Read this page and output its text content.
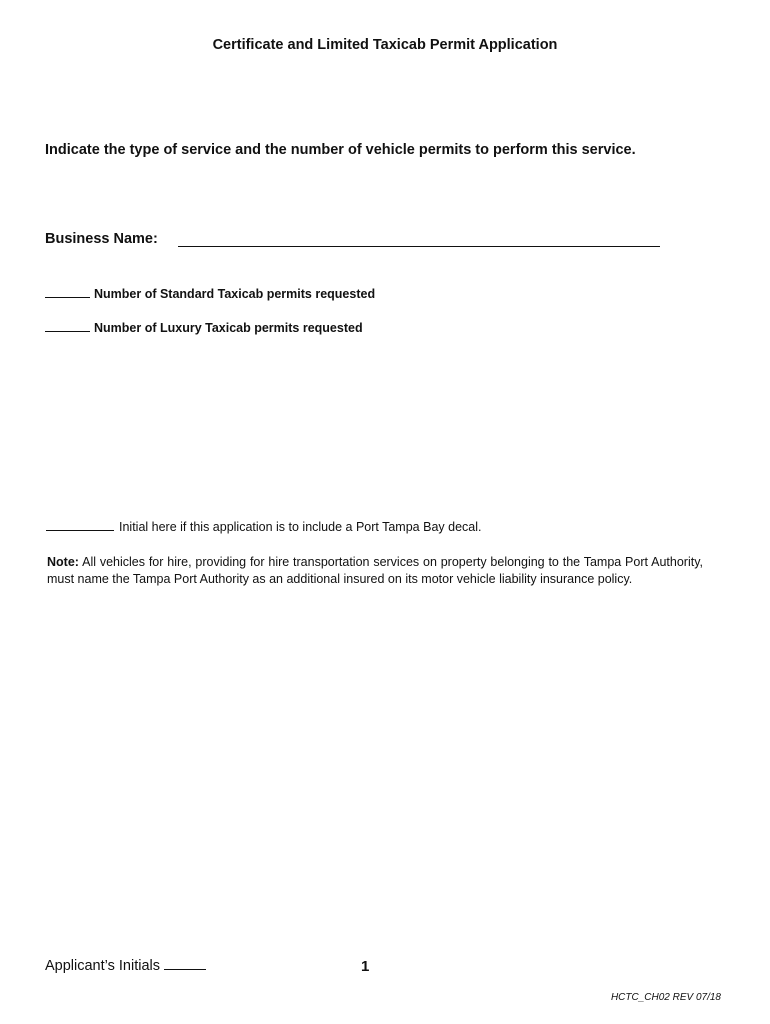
Certificate and Limited Taxicab Permit Application
Indicate the type of service and the number of vehicle permits to perform this service.
Business Name:
Number of Standard Taxicab permits requested
Number of Luxury Taxicab permits requested
Initial here if this application is to include a Port Tampa Bay decal.
Note: All vehicles for hire, providing for hire transportation services on property belonging to the Tampa Port Authority, must name the Tampa Port Authority as an additional insured on its motor vehicle liability insurance policy.
Applicant’s Initials	1
HCTC_CH02 REV 07/18
